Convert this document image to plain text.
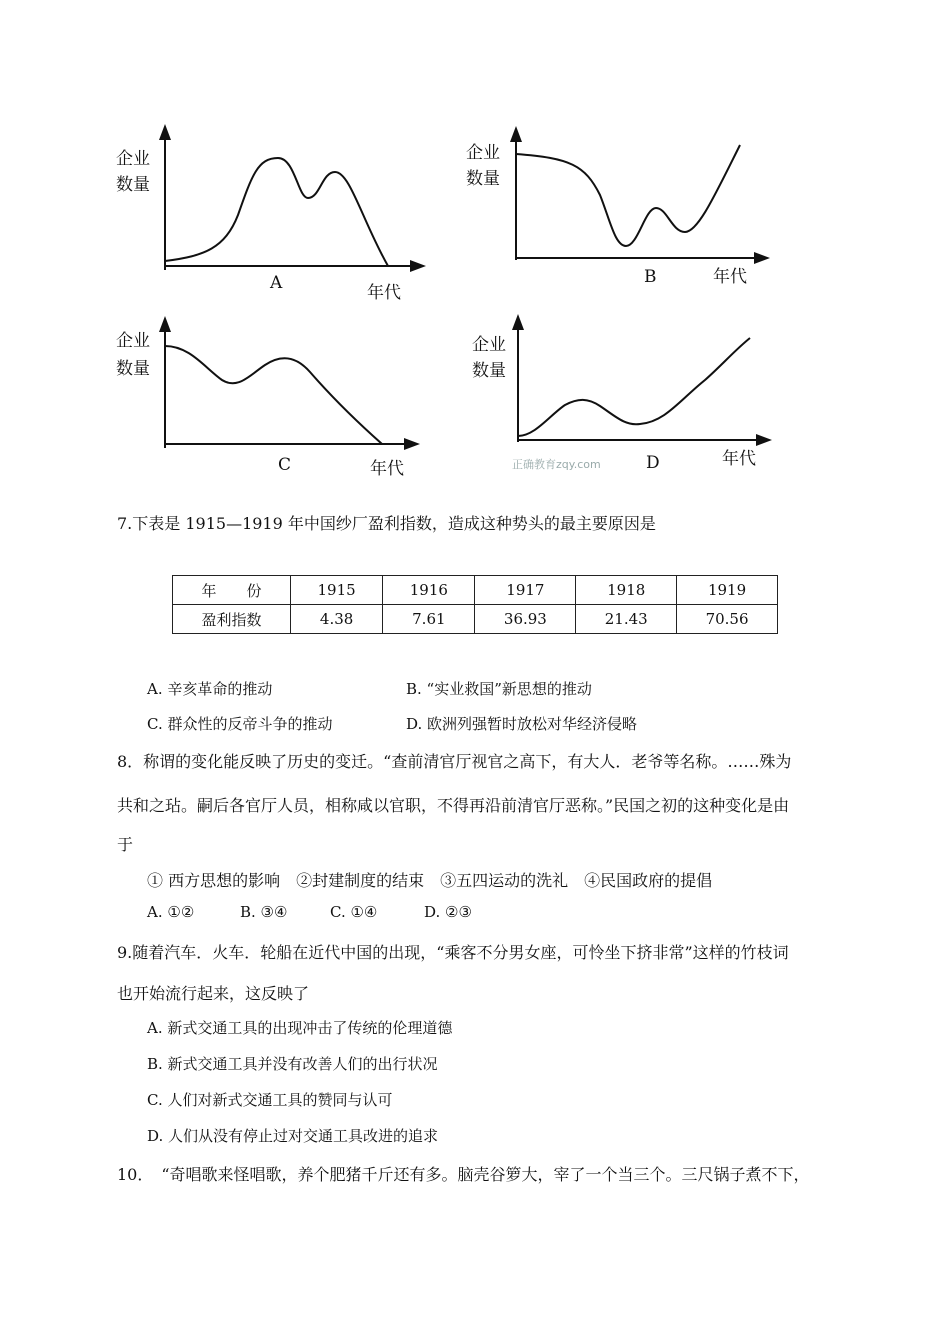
企业
数量
A	年代
企业
数量
B	年代
企业
数量
C	年代
企业
数量
D	年代
正确教育zqy.com
7.下表是 1915—1919 年中国纱厂盈利指数，造成这种势头的最主要原因是
年　　份	1915	1916	1917	1918	1919
盈利指数	4.38	7.61	36.93	21.43	70.56
A. 辛亥革命的推动	B. “实业救国”新思想的推动
C. 群众性的反帝斗争的推动	D. 欧洲列强暂时放松对华经济侵略
8．称谓的变化能反映了历史的变迁。“查前清官厅视官之高下，有大人．老爷等名称。……殊为
共和之玷。嗣后各官厅人员，相称咸以官职，不得再沿前清官厅恶称。”民国之初的这种变化是由
于
① 西方思想的影响　②封建制度的结束　③五四运动的洗礼　④民国政府的提倡
A. ①②	B. ③④	C. ①④	D. ②③
9.随着汽车．火车．轮船在近代中国的出现，“乘客不分男女座，可怜坐下挤非常”这样的竹枝词
也开始流行起来，这反映了
A. 新式交通工具的出现冲击了传统的伦理道德
B. 新式交通工具并没有改善人们的出行状况
C. 人们对新式交通工具的赞同与认可
D. 人们从没有停止过对交通工具改进的追求
10．　“奇唱歌来怪唱歌，养个肥猪千斤还有多。脑壳谷箩大，宰了一个当三个。三尺锅子煮不下，
